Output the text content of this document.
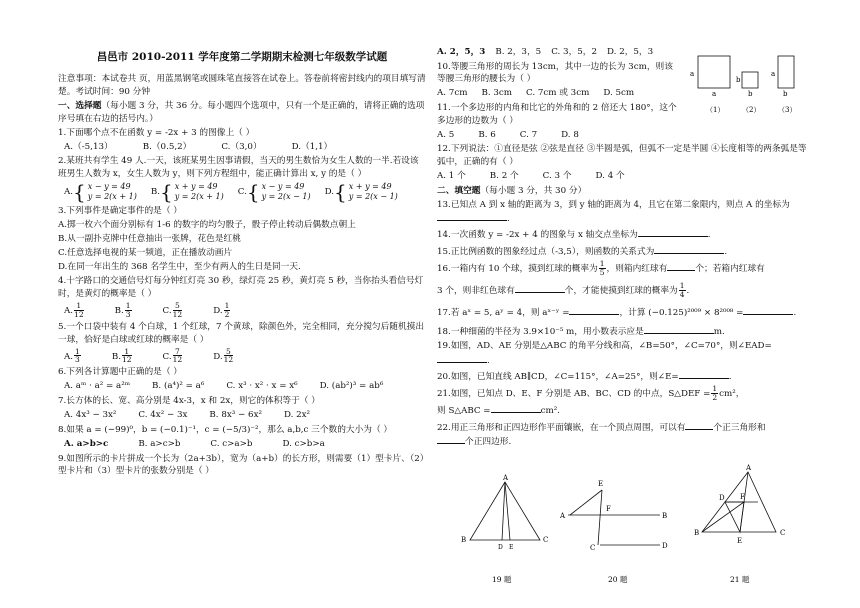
昌邑市 2010-2011 学年度第二学期期末检测七年级数学试题

注意事项：本试卷共 页，用蓝黑钢笔或圆珠笔直接答在试卷上。答卷前将密封线内的项目填写清楚。考试时间：90 分钟

一、选择题（每小题 3 分，共 36 分。每小题四个选项中，只有一个是正确的，请将正确的选项序号填在右边的括号内。）

1.下面哪个点不在函数 y = -2x + 3 的图像上（ ）

A.（-5,13）	B.（0.5,2）	C.（3,0）	D.（1,1）

2.某班共有学生 49 人.一天，该班某男生因事请假，当天的男生数恰为女生人数的一半.若设该班男生人数为 x，女生人数为 y，则下列方程组中，能正确计算出 x, y 的是（ ）

A. { x − y = 49
y = 2(x + 1) B. { x + y = 49
y = 2(x + 1) C. { x − y = 49
y = 2(x − 1) D. { x + y = 49
y = 2(x − 1)

3.下列事件是确定事件的是（ ）

A.掷一枚六个面分别标有 1-6 的数字的均匀骰子，骰子停止转动后偶数点朝上

B.从一副扑克牌中任意抽出一张牌，花色是红桃

C.任意选择电视的某一频道，正在播放动画片

D.在同一年出生的 368 名学生中，至少有两人的生日是同一天.

4.十字路口的交通信号灯每分钟红灯亮 30 秒，绿灯亮 25 秒，黄灯亮 5 秒，当你抬头看信号灯时，是黄灯的概率是（ ）

A. $\frac{1}{12}$	B. $\frac{1}{3}$	C. $\frac{5}{12}$	D. $\frac{1}{2}$

5.一个口袋中装有 4 个白球，1 个红球，7 个黄球，除颜色外，完全相同，充分搅匀后随机摸出一球，恰好是白球或红球的概率是（ ）

A. $\frac{1}{3}$	B. $\frac{1}{12}$	C. $\frac{7}{12}$	D. $\frac{5}{12}$

6.下列各计算题中正确的是（ ）

A. aᵐ · a² = a²ᵐ	B. (a⁴)² = a⁶	C. x³ · x² · x = x⁶	D. (ab²)³ = ab⁶

7.长方体的长、宽、高分别是 4x-3，x 和 2x，则它的体积等于（ ）

A. 4x³ − 3x²	C. 4x² − 3x	B. 8x³ − 6x²	D. 2x²

8.如果 a = (−99)⁰，b = (−0.1)⁻¹，c = (−5/3)⁻²，那么 a,b,c 三个数的大小为（ ）

A. a>b>c	B. a>c>b	C. c>a>b	D. c>b>a

9.如图所示的卡片拼成一个长为（2a+3b），宽为（a+b）的长方形，则需要（1）型卡片、（2）型卡片和（3）型卡片的张数分别是（ ）

A. 2，5，3 B. 2，3，5 C. 3，5，2 D. 2，5，3

10.等腰三角形的周长为 13cm，其中一边的长为 3cm，则该等腰三角形的腰长为（ ）

A. 7cm B. 3cm C. 7cm 或 3cm D. 5cm

11.一个多边形的内角和比它的外角和的 2 倍还大 180°，这个多边形的边数为（ ）

A. 5	B. 6	C. 7	D. 8

12.下列说法：①直径是弦 ②弦是直径 ③半圆是弧，但弧不一定是半圆 ④长度相等的两条弧是等弧中，正确的有（ ）

A. 1 个	B. 2 个	C. 3 个	D. 4 个

二、填空题（每小题 3 分，共 30 分）

13.已知点 A 到 x 轴的距离为 3，到 y 轴的距离为 4，且它在第二象限内，则点 A 的坐标为.

14.一次函数 y = -2x + 4 的图象与 x 轴交点坐标为	.

15.正比例函数的图象经过点（-3,5），则函数的关系式为	.

16.一箱内有 10 个球，摸到红球的概率为 $\frac{1}{5}$ ，则箱内红球有	个；若箱内红球有

3 个，则非红色球有	个，才能使摸到红球的概率为 $\frac{1}{4}$ .

17.若 aˣ = 5, aʸ = 4，则 aˣ⁻ʸ =	，计算 (−0.125)²⁰⁰⁹ × 8²⁰⁰⁸ =	.

18.一种细菌的半径为 3.9×10⁻⁵ m，用小数表示应是	m.

19.如图，AD、AE 分别是△ABC 的角平分线和高，∠B=50°，∠C=70°，则∠EAD=.

20.如图，已知直线 AB∥CD，∠C=115°，∠A=25°，则∠E=	.

21.如图，已知点 D、E、F 分别是 AB、BC、CD 的中点，S△DEF = $\frac{1}{2} cm^2$，

则 S△ABC =	cm².

22.用正三角形和正四边形作平面镶嵌，在一个顶点周围，可以有	个正三角形和
个正四边形.

a
a
b
b
a
b
（1）	（2）	（3）
A
B
D E
C
19 题
E
A
F
B
C	D
20 题
A
F
D
B	C
E
21 题
